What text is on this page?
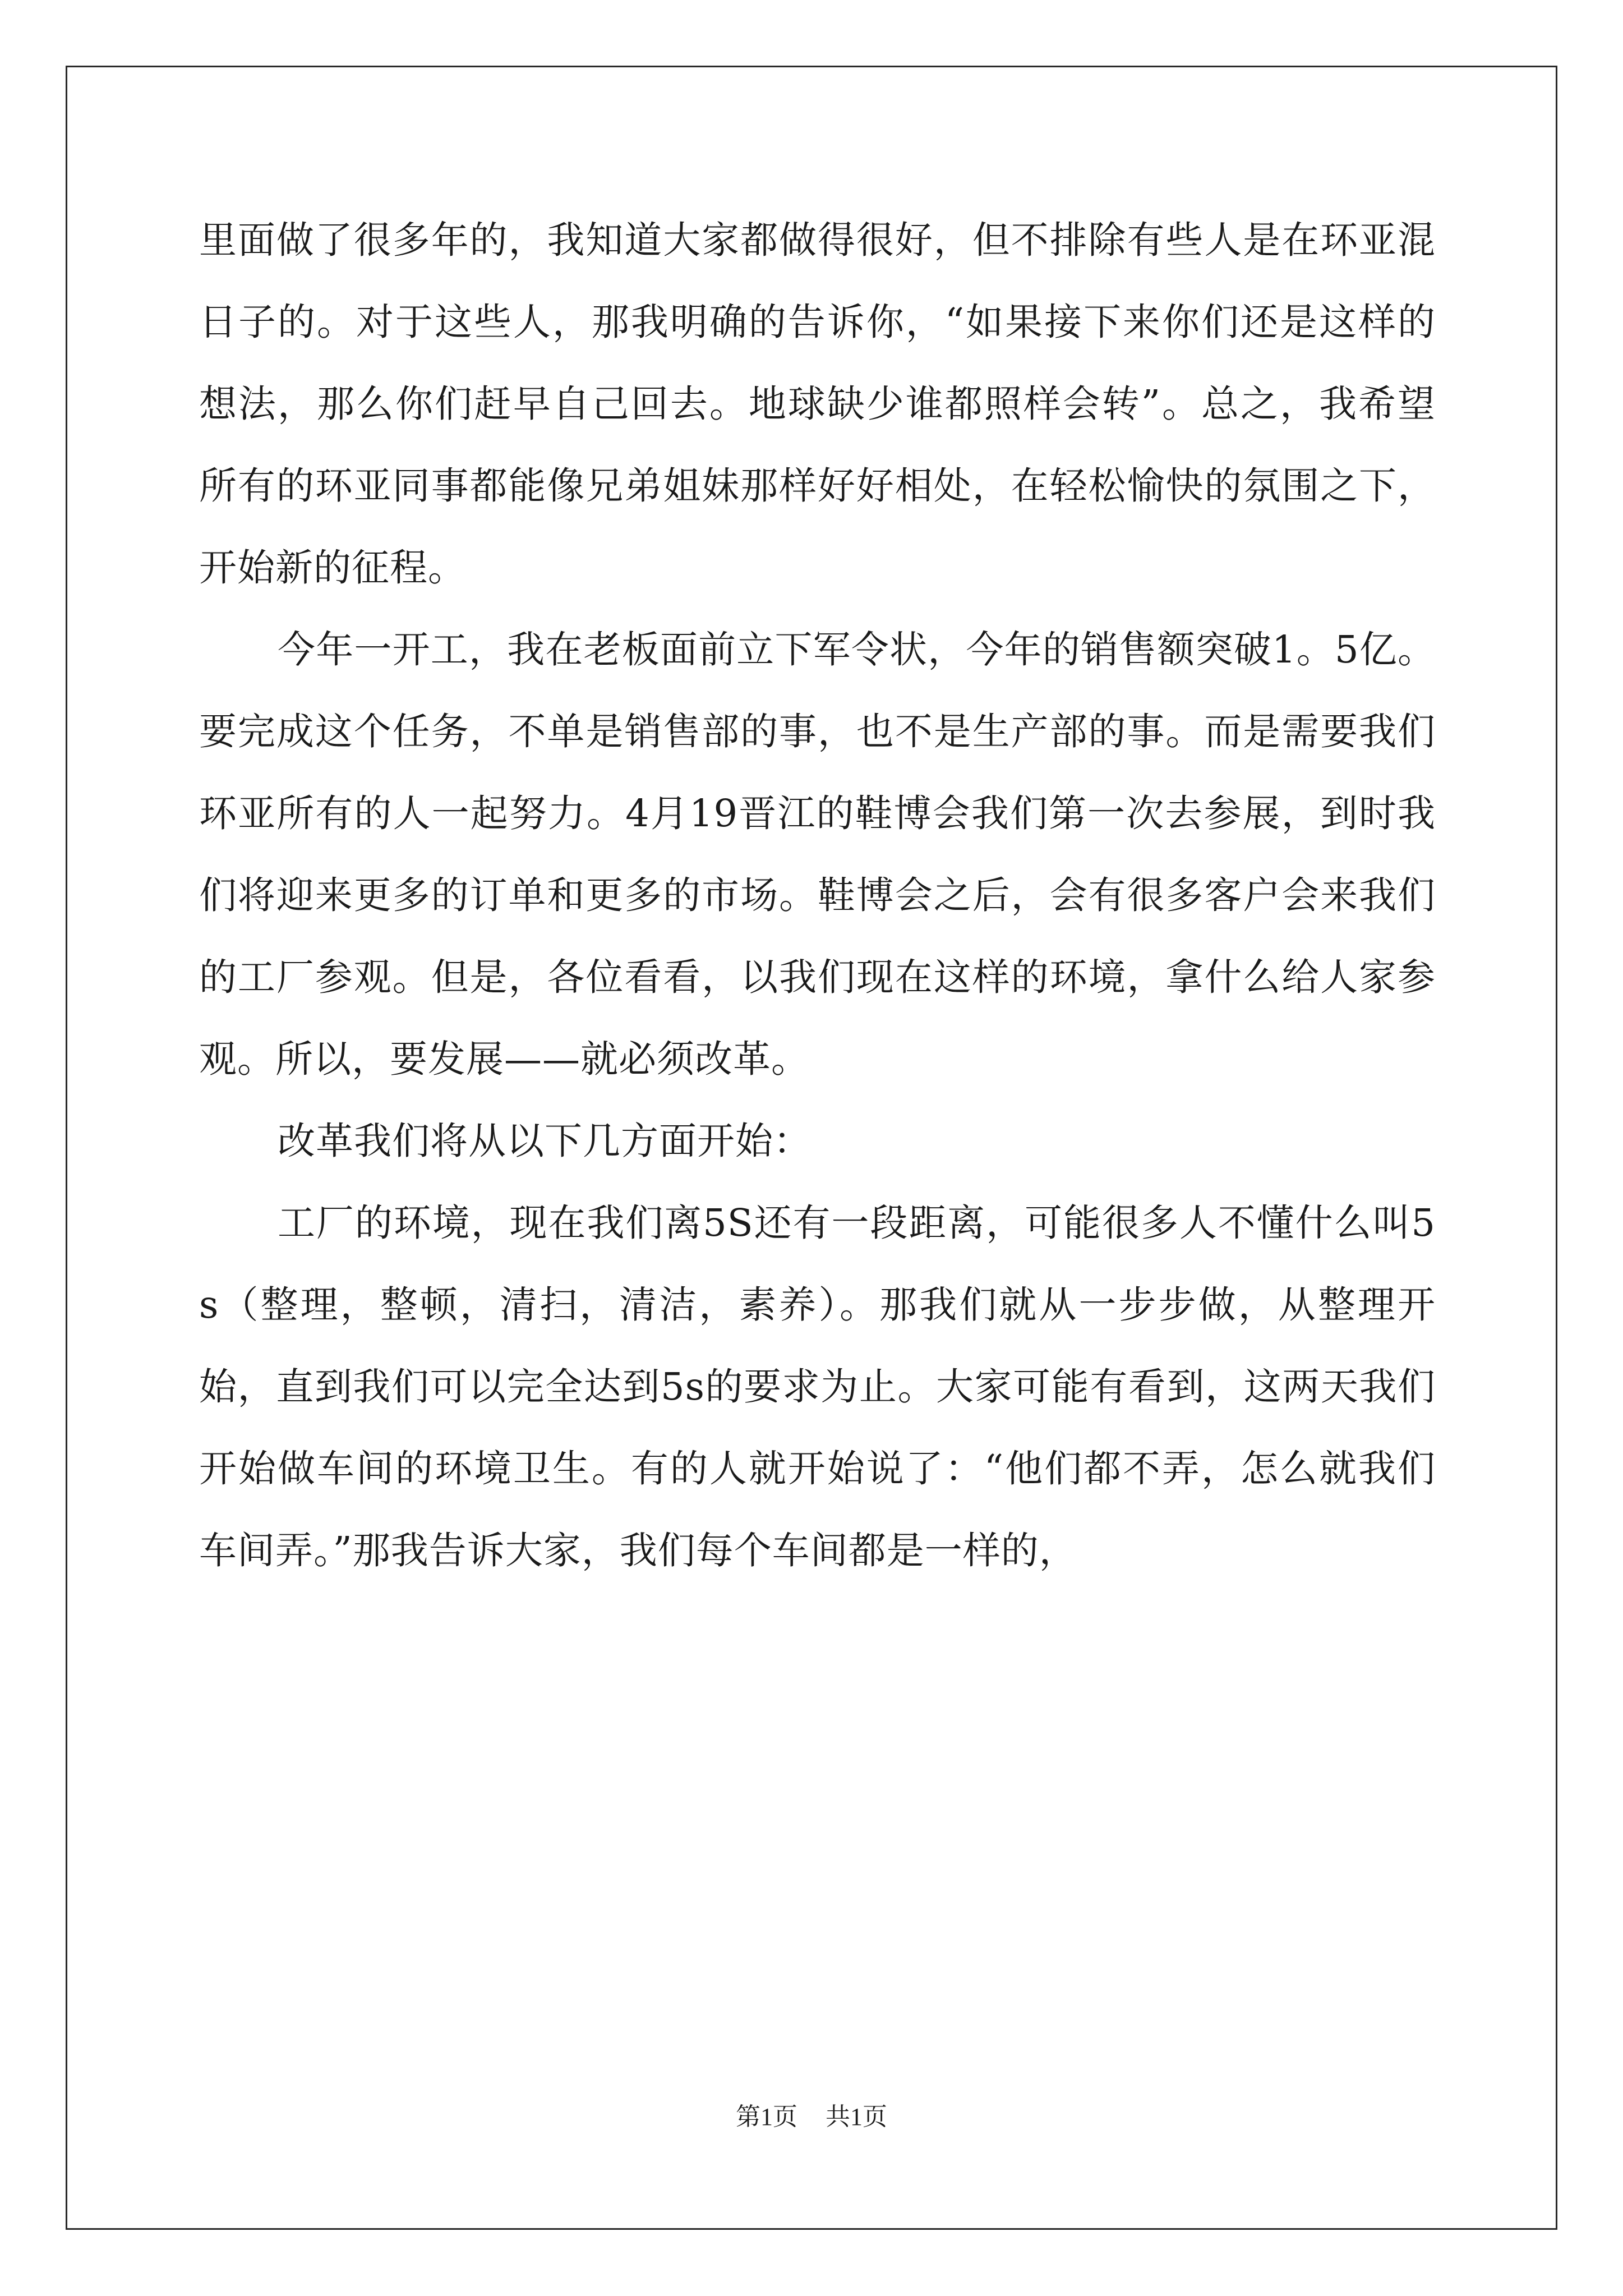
里面做了很多年的，我知道大家都做得很好，但不排除有些人是在环亚混日子的。对于这些人，那我明确的告诉你，“如果接下来你们还是这样的想法，那么你们赶早自己回去。地球缺少谁都照样会转”。总之，我希望所有的环亚同事都能像兄弟姐妹那样好好相处，在轻松愉快的氛围之下，开始新的征程。

今年一开工，我在老板面前立下军令状，今年的销售额突破1。5亿。要完成这个任务，不单是销售部的事，也不是生产部的事。而是需要我们环亚所有的人一起努力。4月19晋江的鞋博会我们第一次去参展，到时我们将迎来更多的订单和更多的市场。鞋博会之后，会有很多客户会来我们的工厂参观。但是，各位看看，以我们现在这样的环境，拿什么给人家参观。所以，要发展——就必须改革。

改革我们将从以下几方面开始：

工厂的环境，现在我们离5S还有一段距离，可能很多人不懂什么叫5s（整理，整顿，清扫，清洁，素养）。那我们就从一步步做，从整理开始，直到我们可以完全达到5s的要求为止。大家可能有看到，这两天我们开始做车间的环境卫生。有的人就开始说了：“他们都不弄，怎么就我们车间弄。”那我告诉大家，我们每个车间都是一样的，

第1页 共1页
